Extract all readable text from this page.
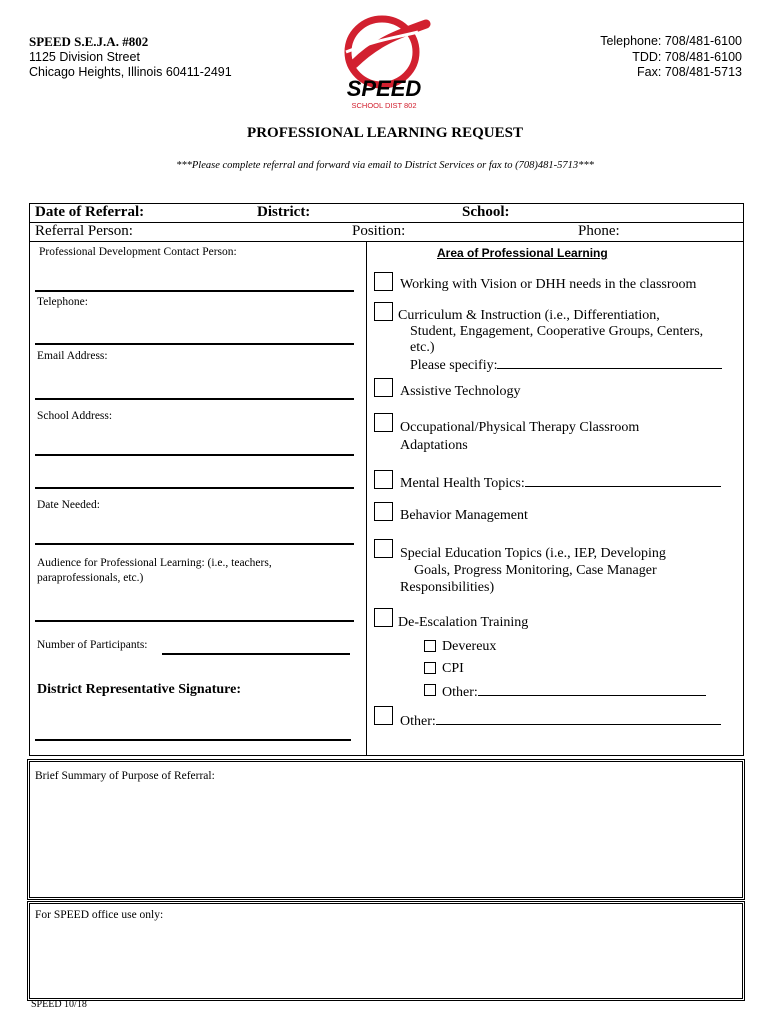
SPEED S.E.J.A. #802
1125 Division Street
Chicago Heights, Illinois 60411-2491
SPEED
SCHOOL DIST 802
Telephone: 708/481-6100
TDD: 708/481-6100
Fax: 708/481-5713
PROFESSIONAL LEARNING REQUEST
***Please complete referral and forward via email to District Services or fax to (708)481-5713***
Date of Referral:	District:	School:
Referral Person:	Position:	Phone:
Professional Development Contact Person:
Telephone:
Email Address:
School Address:
Date Needed:
Audience for Professional Learning: (i.e., teachers,
paraprofessionals, etc.)
Number of Participants:
District Representative Signature:
Area of Professional Learning
Working with Vision or DHH needs in the classroom
Curriculum & Instruction (i.e., Differentiation,
Student, Engagement, Cooperative Groups, Centers,
etc.)
Please specifiy:
Assistive Technology
Occupational/Physical Therapy Classroom
Adaptations
Mental Health Topics:
Behavior Management
Special Education Topics (i.e., IEP, Developing
Goals, Progress Monitoring, Case Manager
Responsibilities)
De-Escalation Training
Devereux
CPI
Other:
Other:
Brief Summary of Purpose of Referral:
For SPEED office use only:
SPEED 10/18
